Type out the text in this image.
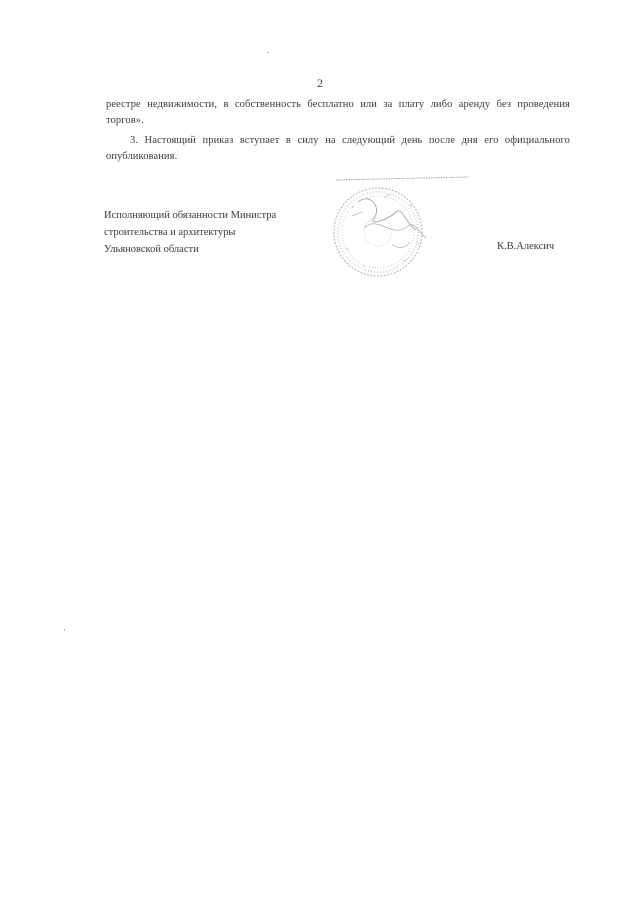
2
реестре недвижимости, в собственность бесплатно или за плату либо аренду без проведения торгов».
3. Настоящий приказ вступает в силу на следующий день после дня его официального опубликования.
Исполняющий обязанности Министра
строительства и архитектуры
Ульяновской области	К.В.Алексич
